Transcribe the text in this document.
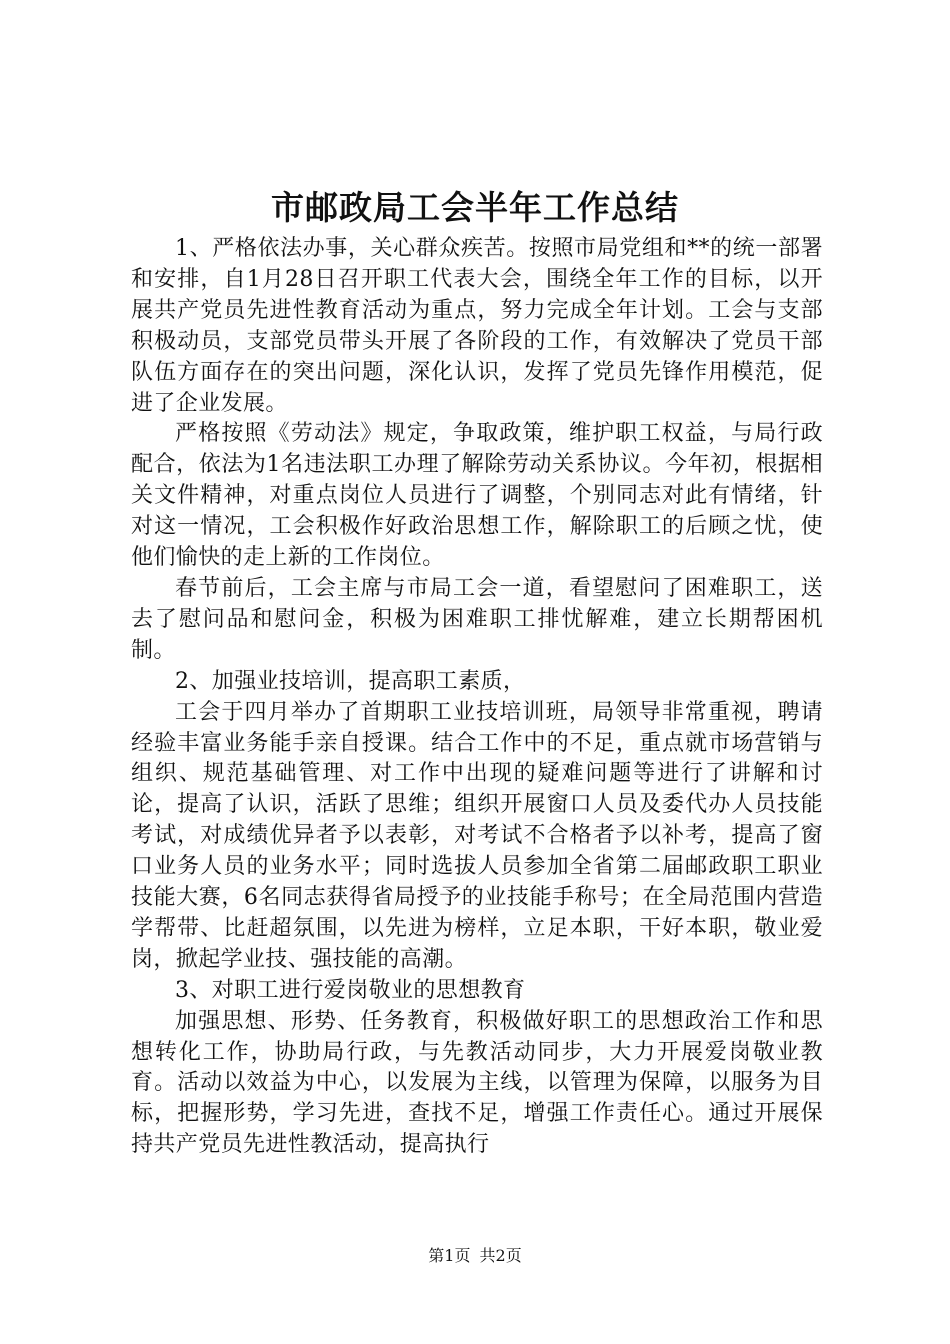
市邮政局工会半年工作总结

1、严格依法办事，关心群众疾苦。按照市局党组和**的统一部署和安排，自1月28日召开职工代表大会，围绕全年工作的目标，以开展共产党员先进性教育活动为重点，努力完成全年计划。工会与支部积极动员，支部党员带头开展了各阶段的工作，有效解决了党员干部队伍方面存在的突出问题，深化认识，发挥了党员先锋作用模范，促进了企业发展。

严格按照《劳动法》规定，争取政策，维护职工权益，与局行政配合，依法为1名违法职工办理了解除劳动关系协议。今年初，根据相关文件精神，对重点岗位人员进行了调整，个别同志对此有情绪，针对这一情况，工会积极作好政治思想工作，解除职工的后顾之忧，使他们愉快的走上新的工作岗位。

春节前后，工会主席与市局工会一道，看望慰问了困难职工，送去了慰问品和慰问金，积极为困难职工排忧解难，建立长期帮困机制。

2、加强业技培训，提高职工素质，

工会于四月举办了首期职工业技培训班，局领导非常重视，聘请经验丰富业务能手亲自授课。结合工作中的不足，重点就市场营销与组织、规范基础管理、对工作中出现的疑难问题等进行了讲解和讨论，提高了认识，活跃了思维；组织开展窗口人员及委代办人员技能考试，对成绩优异者予以表彰，对考试不合格者予以补考，提高了窗口业务人员的业务水平；同时选拔人员参加全省第二届邮政职工职业技能大赛，6名同志获得省局授予的业技能手称号；在全局范围内营造学帮带、比赶超氛围，以先进为榜样，立足本职，干好本职，敬业爱岗，掀起学业技、强技能的高潮。

3、对职工进行爱岗敬业的思想教育

加强思想、形势、任务教育，积极做好职工的思想政治工作和思想转化工作，协助局行政，与先教活动同步，大力开展爱岗敬业教育。活动以效益为中心，以发展为主线，以管理为保障，以服务为目标，把握形势，学习先进，查找不足，增强工作责任心。通过开展保持共产党员先进性教活动，提高执行

第1页 共2页
